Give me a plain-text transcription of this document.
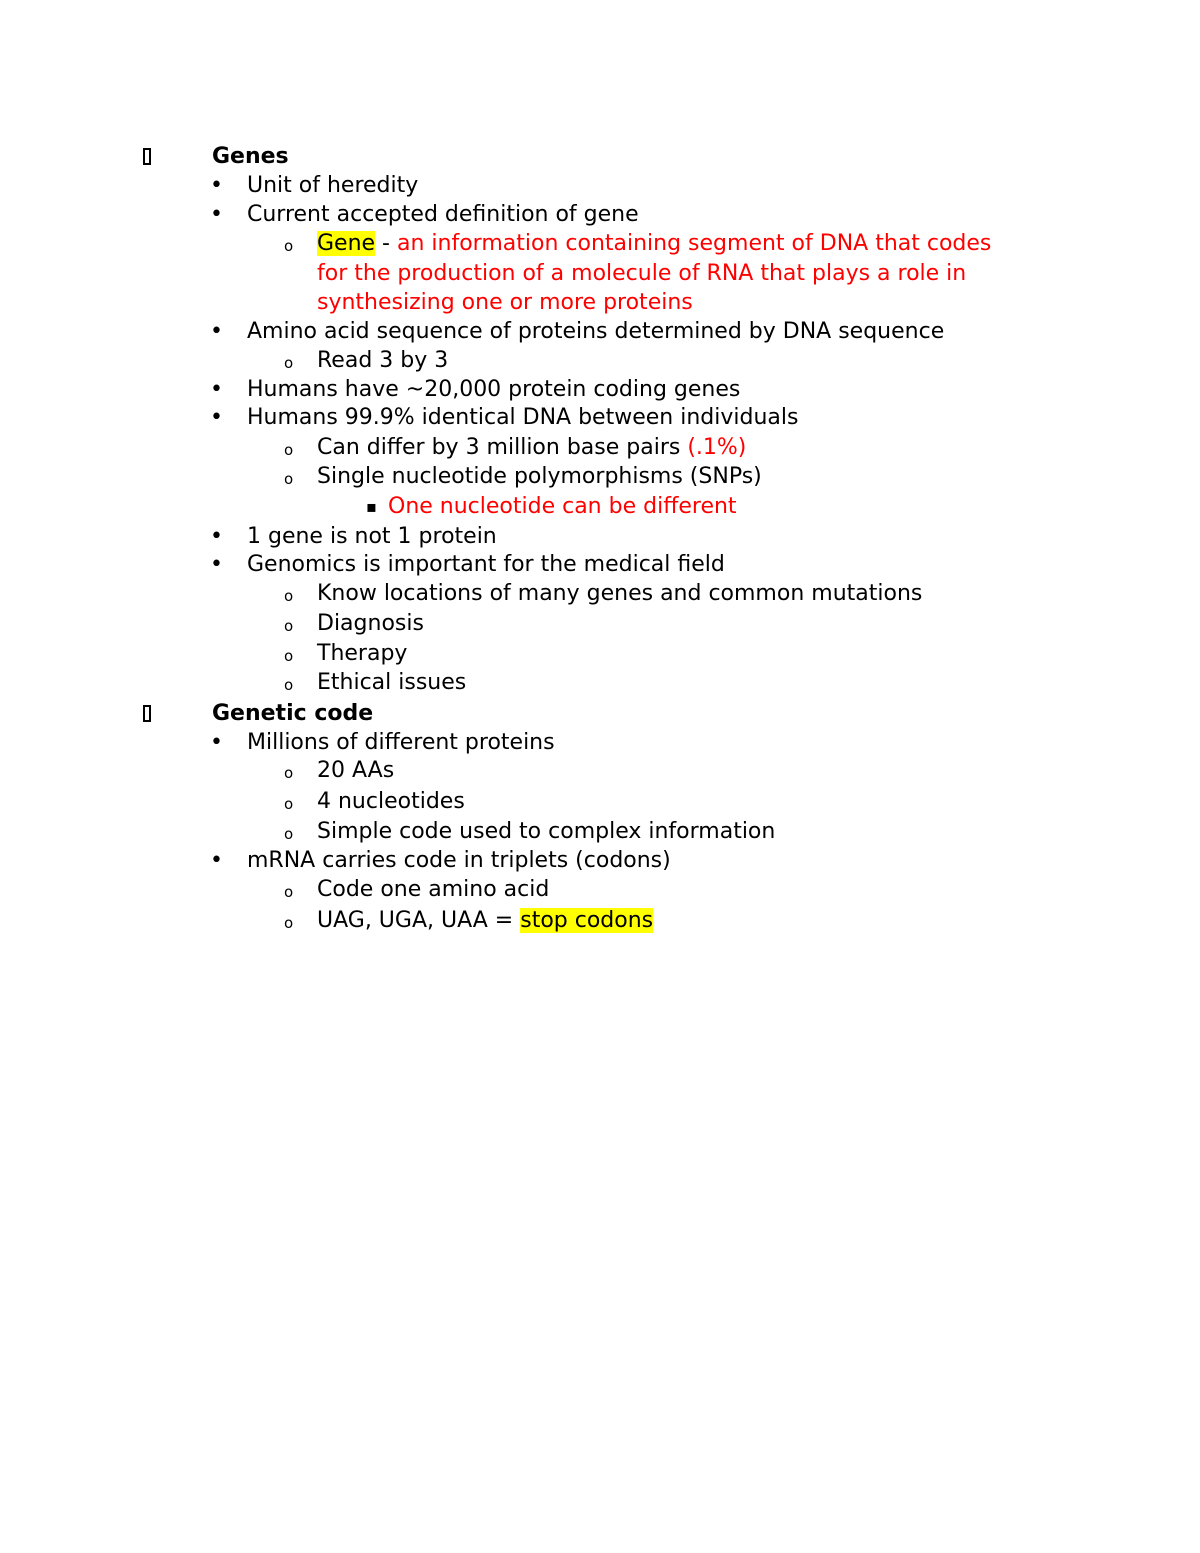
Genes
• Unit of heredity
• Current accepted definition of gene
o Gene - an information containing segment of DNA that codes
for the production of a molecule of RNA that plays a role in
synthesizing one or more proteins
• Amino acid sequence of proteins determined by DNA sequence
o Read 3 by 3
• Humans have ~20,000 protein coding genes
• Humans 99.9% identical DNA between individuals
o Can differ by 3 million base pairs (.1%)
o Single nucleotide polymorphisms (SNPs)
▪ One nucleotide can be different
• 1 gene is not 1 protein
• Genomics is important for the medical field
o Know locations of many genes and common mutations
o Diagnosis
o Therapy
o Ethical issues
Genetic code
• Millions of different proteins
o 20 AAs
o 4 nucleotides
o Simple code used to complex information
• mRNA carries code in triplets (codons)
o Code one amino acid
o UAG, UGA, UAA = stop codons
